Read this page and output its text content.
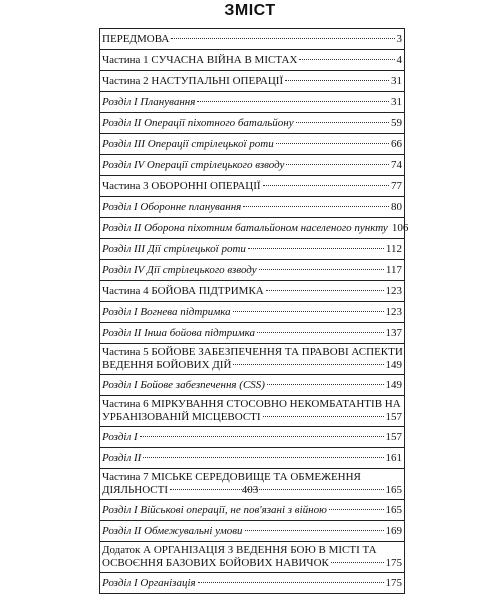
ЗМІСТ
ПЕРЕДМОВА	3
Частина 1 СУЧАСНА ВІЙНА В МІСТАХ	4
Частина 2 НАСТУПАЛЬНІ ОПЕРАЦІЇ	31
Розділ І Планування	31
Розділ ІІ Операції піхотного батальйону	59
Розділ ІІІ Операції стрілецької роти	66
Розділ IV Операції стрілецького взводу	74
Частина 3 ОБОРОННІ ОПЕРАЦІЇ	77
Розділ І Оборонне планування	80
Розділ ІІ Оборона піхотним батальйоном населеного пункту 106
Розділ ІІІ Дії стрілецької роти	112
Розділ IV Дії стрілецького взводу	117
Частина 4 БОЙОВА ПІДТРИМКА	123
Розділ І Вогнева підтримка	123
Розділ ІІ Інша бойова підтримка	137
Частина 5 БОЙОВЕ ЗАБЕЗПЕЧЕННЯ ТА ПРАВОВІ АСПЕКТИ
ВЕДЕННЯ БОЙОВИХ ДІЙ	149
Розділ І Бойове забезпечення (CSS)	149
Частина 6 МІРКУВАННЯ СТОСОВНО НЕКОМБАТАНТІВ НА
УРБАНІЗОВАНІЙ МІСЦЕВОСТІ	157
Розділ І	157
Розділ ІІ	161
Частина 7 МІСЬКЕ СЕРЕДОВИЩЕ ТА ОБМЕЖЕННЯ
ДІЯЛЬНОСТІ	165
Розділ І Військові операції, не пов'язані з війною	165
Розділ ІІ Обмежувальні умови	169
Додаток А ОРГАНІЗАЦІЯ З ВЕДЕННЯ БОЮ В МІСТІ ТА
ОСВОЄННЯ БАЗОВИХ БОЙОВИХ НАВИЧОК	175
Розділ І Організація	175
403
